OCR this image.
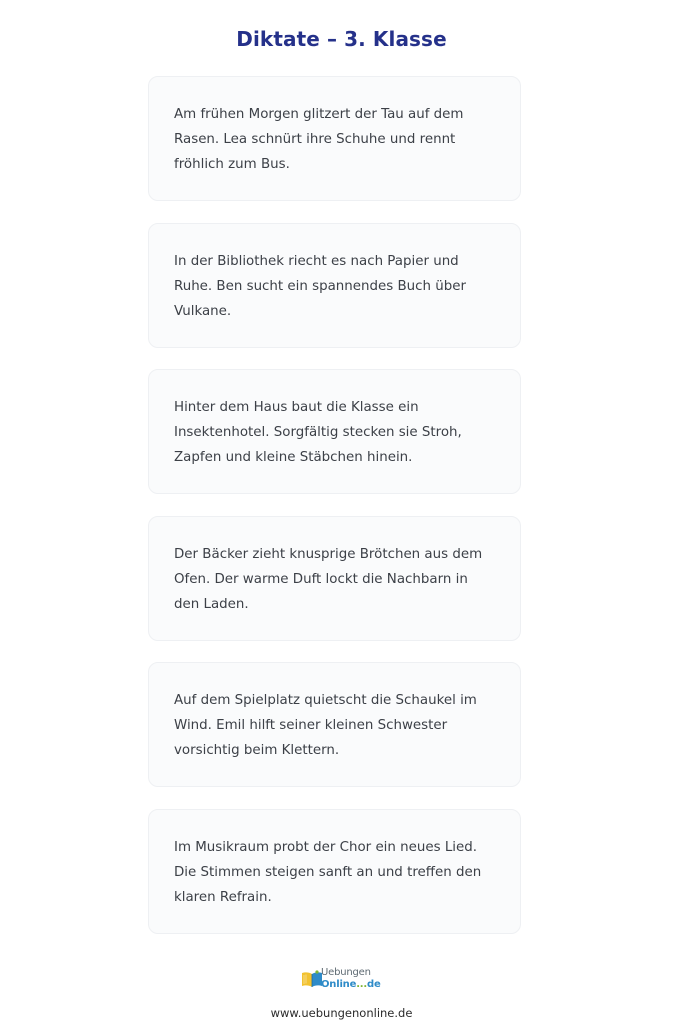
Diktate – 3. Klasse

Am frühen Morgen glitzert der Tau auf dem Rasen. Lea schnürt ihre Schuhe und rennt fröhlich zum Bus.

In der Bibliothek riecht es nach Papier und Ruhe. Ben sucht ein spannendes Buch über Vulkane.

Hinter dem Haus baut die Klasse ein Insektenhotel. Sorgfältig stecken sie Stroh, Zapfen und kleine Stäbchen hinein.

Der Bäcker zieht knusprige Brötchen aus dem Ofen. Der warme Duft lockt die Nachbarn in den Laden.

Auf dem Spielplatz quietscht die Schaukel im Wind. Emil hilft seiner kleinen Schwester vorsichtig beim Klettern.

Im Musikraum probt der Chor ein neues Lied. Die Stimmen steigen sanft an und treffen den klaren Refrain.

Uebungen
Online...de
www.uebungenonline.de
